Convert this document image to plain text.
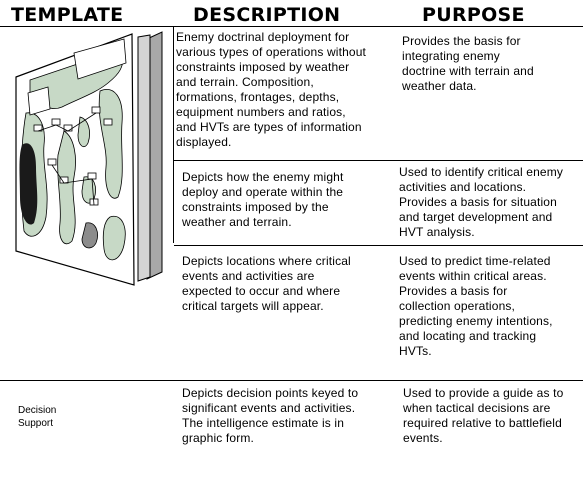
TEMPLATE	DESCRIPTION	PURPOSE
Enemy doctrinal deployment for
various types of operations without
constraints imposed by weather
and terrain. Composition,
formations, frontages, depths,
equipment numbers and ratios,
and HVTs are types of information
displayed.
Provides the basis for
integrating enemy
doctrine with terrain and
weather data.
Depicts how the enemy might
deploy and operate within the
constraints imposed by the
weather and terrain.
Used to identify critical enemy
activities and locations.
Provides a basis for situation
and target development and
HVT analysis.
Depicts locations where critical
events and activities are
expected to occur and where
critical targets will appear.
Used to predict time-related
events within critical areas.
Provides a basis for
collection operations,
predicting enemy intentions,
and locating and tracking
HVTs.
Decision
Support
Depicts decision points keyed to
significant events and activities.
The intelligence estimate is in
graphic form.
Used to provide a guide as to
when tactical decisions are
required relative to battlefield
events.
